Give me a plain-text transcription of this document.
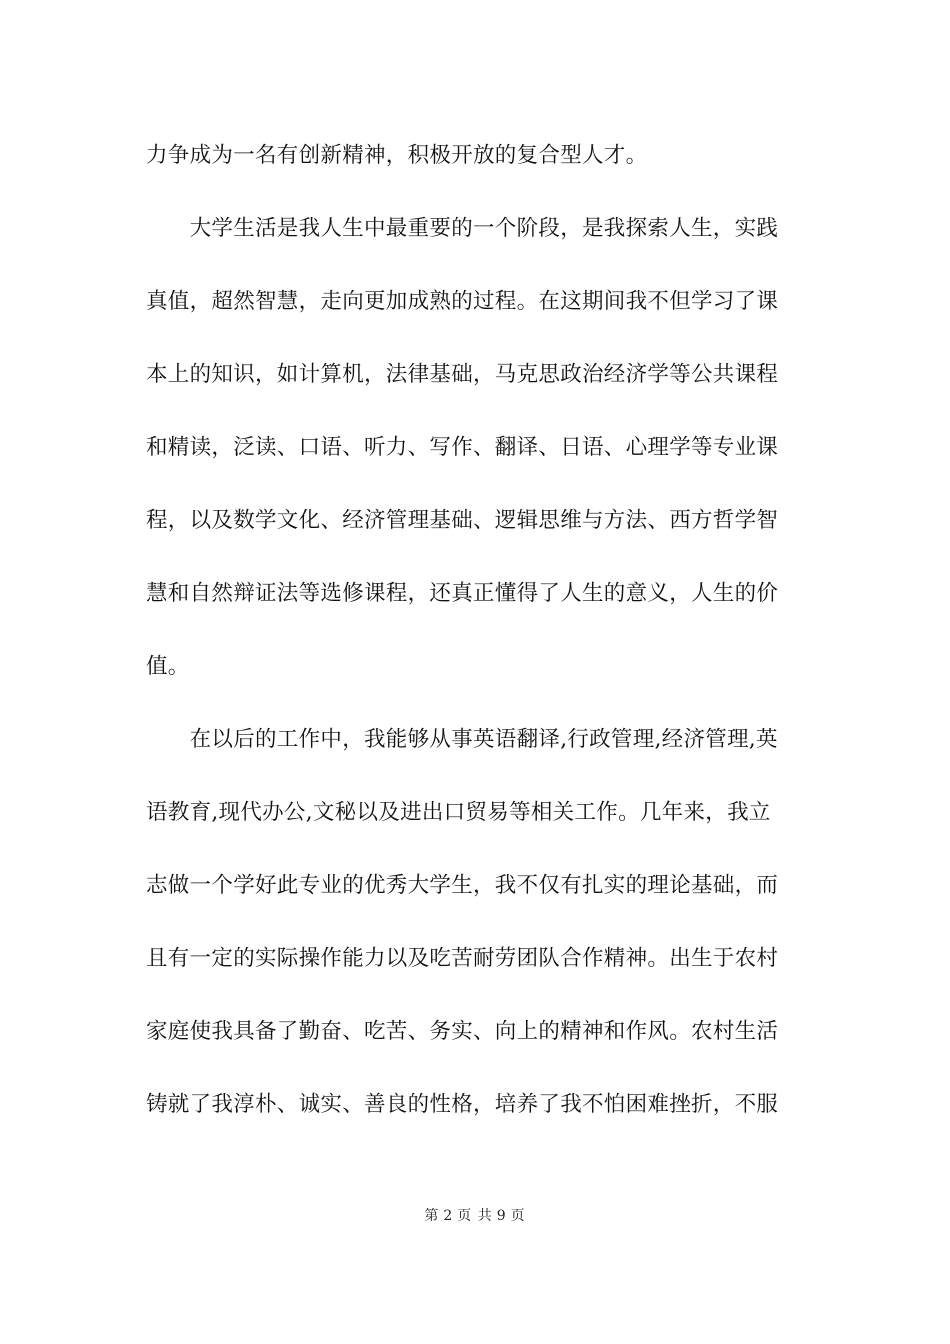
力争成为一名有创新精神，积极开放的复合型人才。
　　大学生活是我人生中最重要的一个阶段，是我探索人生，实践
真值，超然智慧，走向更加成熟的过程。在这期间我不但学习了课
本上的知识，如计算机，法律基础，马克思政治经济学等公共课程
和精读，泛读、口语、听力、写作、翻译、日语、心理学等专业课
程，以及数学文化、经济管理基础、逻辑思维与方法、西方哲学智
慧和自然辩证法等选修课程，还真正懂得了人生的意义，人生的价
值。
　　在以后的工作中，我能够从事英语翻译,行政管理,经济管理,英
语教育,现代办公,文秘以及进出口贸易等相关工作。几年来，我立
志做一个学好此专业的优秀大学生，我不仅有扎实的理论基础，而
且有一定的实际操作能力以及吃苦耐劳团队合作精神。出生于农村
家庭使我具备了勤奋、吃苦、务实、向上的精神和作风。农村生活
铸就了我淳朴、诚实、善良的性格，培养了我不怕困难挫折，不服
第 2 页 共 9 页
